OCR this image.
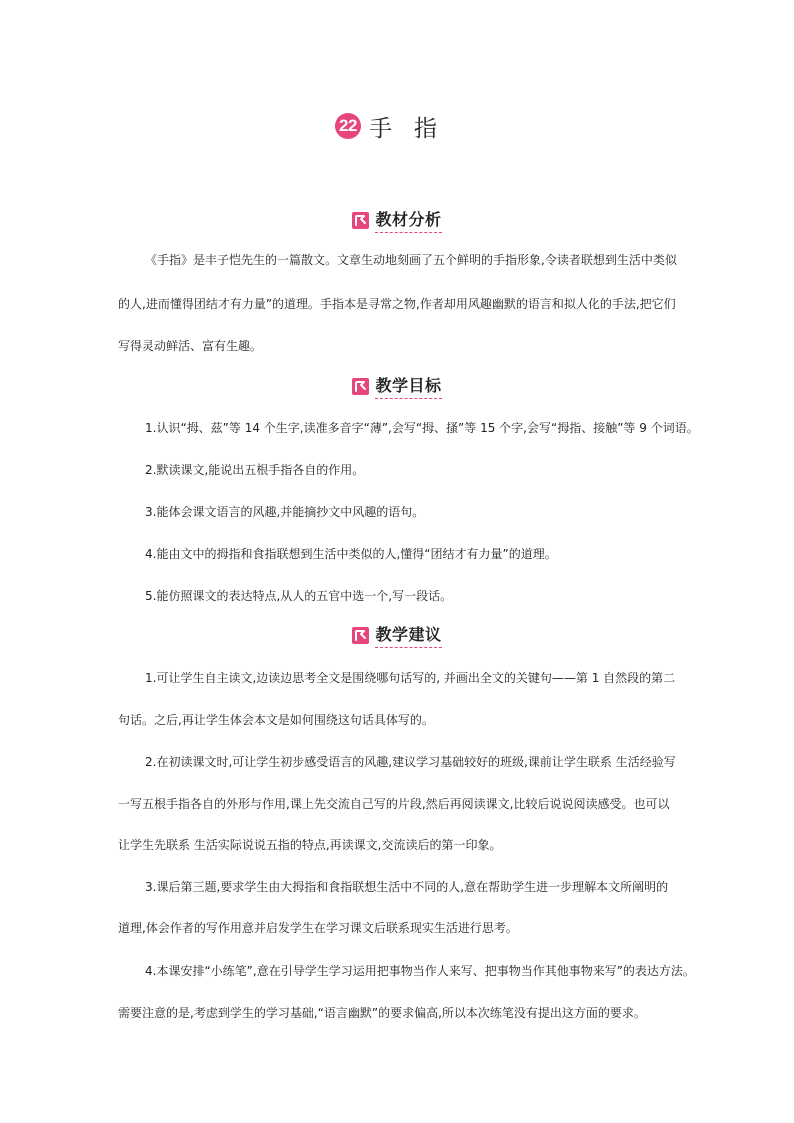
22 手指
教材分析
《手指》是丰子恺先生的一篇散文。文章生动地刻画了五个鲜明的手指形象,令读者联想到生活中类似
的人,进而懂得团结才有力量”的道理。手指本是寻常之物,作者却用风趣幽默的语言和拟人化的手法,把它们
写得灵动鲜活、富有生趣。
教学目标
1.认识“拇、茲”等 14 个生字,读准多音字“薄”,会写“拇、搔”等 15 个字,会写“拇指、接触”等 9 个词语。
2.默读课文,能说出五根手指各自的作用。
3.能体会课文语言的风趣,并能摘抄文中风趣的语句。
4.能由文中的拇指和食指联想到生活中类似的人,懂得“团结才有力量”的道理。
5.能仿照课文的表达特点,从人的五官中选一个,写一段话。
教学建议
1.可让学生自主读文,边读边思考全文是围绕哪句话写的, 并画出全文的关键句——第 1 自然段的第二
句话。之后,再让学生体会本文是如何围绕这句话具体写的。
2.在初读课文时,可让学生初步感受语言的风趣,建议学习基础较好的班级,课前让学生联系 生活经验写
一写五根手指各自的外形与作用,课上先交流自己写的片段,然后再阅读课文,比较后说说阅读感受。也可以
让学生先联系 生活实际说说五指的特点,再读课文,交流读后的第一印象。
3.课后第三题,要求学生由大拇指和食指联想生活中不同的人,意在帮助学生进一步理解本文所阐明的
道理,体会作者的写作用意并启发学生在学习课文后联系现实生活进行思考。
4.本课安排“小练笔”,意在引导学生学习运用把事物当作人来写、把事物当作其他事物来写”的表达方法。
需要注意的是,考虑到学生的学习基础,“语言幽默”的要求偏高,所以本次练笔没有提出这方面的要求。
